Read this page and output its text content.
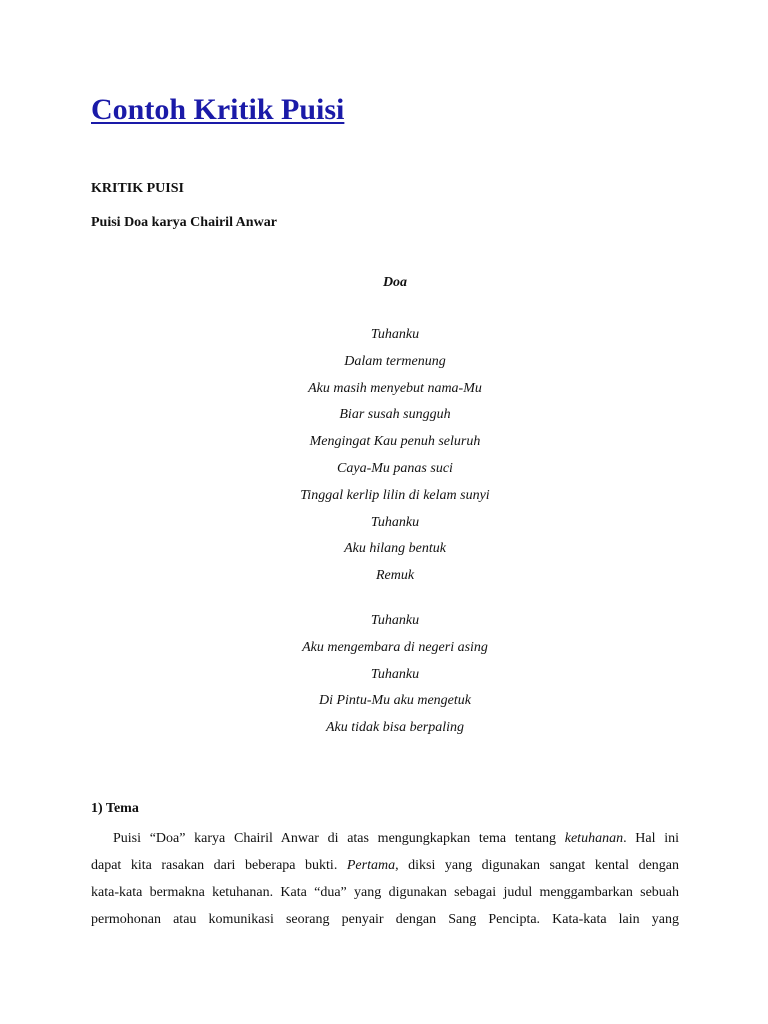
Contoh Kritik Puisi
KRITIK PUISI
Puisi Doa karya Chairil Anwar
Doa
Tuhanku
Dalam termenung
Aku masih menyebut nama-Mu
Biar susah sungguh
Mengingat Kau penuh seluruh
Caya-Mu panas suci
Tinggal kerlip lilin di kelam sunyi
Tuhanku
Aku hilang bentuk
Remuk
Tuhanku
Aku mengembara di negeri asing
Tuhanku
Di Pintu-Mu aku mengetuk
Aku tidak bisa berpaling
1) Tema

Puisi “Doa” karya Chairil Anwar di atas mengungkapkan tema tentang ketuhanan. Hal ini
dapat kita rasakan dari beberapa bukti. Pertama, diksi yang digunakan sangat kental dengan
kata-kata bermakna ketuhanan. Kata “dua” yang digunakan sebagai judul menggambarkan sebuah
permohonan atau komunikasi seorang penyair dengan Sang Pencipta. Kata-kata lain yang
